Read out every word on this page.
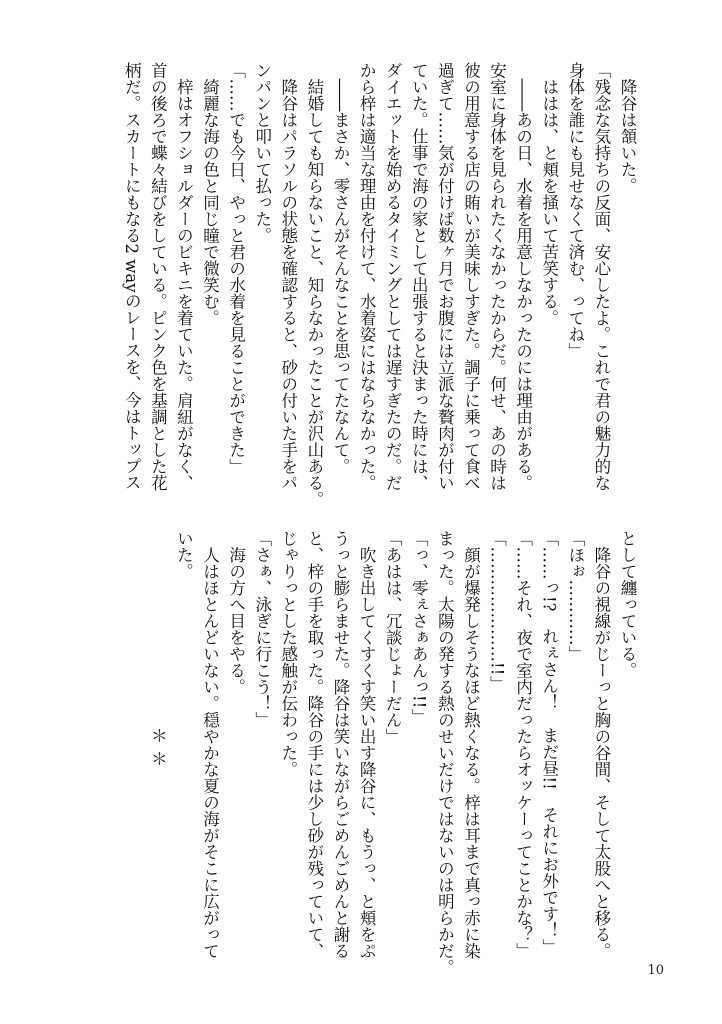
　降谷は頷いた。
「残念な気持ちの反面、安心したよ。これで君の魅力的な
身体を誰にも見せなくて済む、ってね」
　ははは、と頬を掻いて苦笑する。
　――あの日、水着を用意しなかったのには理由がある。
安室に身体を見られたくなかったからだ。何せ、あの時は
彼の用意する店の賄いが美味しすぎた。調子に乗って食べ
過ぎて……気が付けば数ヶ月でお腹には立派な贅肉が付い
ていた。仕事で海の家として出張すると決まった時には、
ダイエットを始めるタイミングとしては遅すぎたのだ。だ
から梓は適当な理由を付けて、水着姿にはならなかった。
　――まさか、零さんがそんなことを思ってたなんて。
　結婚しても知らないこと、知らなかったことが沢山ある。
　降谷はパラソルの状態を確認すると、砂の付いた手をパ
ンパンと叩いて払った。
「……でも今日、やっと君の水着を見ることができた」
　綺麗な海の色と同じ瞳で微笑む。
　梓はオフショルダーのビキニを着ていた。肩紐がなく、
首の後ろで蝶々結びをしている。ピンク色を基調とした花
柄だ。スカートにもなる2 wayのレースを、今はトップス
として纏っている。
　降谷の視線がじーっと胸の谷間、そして太股へと移る。
「ほぉ…………」
「……っ!?　れぇさん！　まだ昼!!　それにお外です！」
「……それ、夜で室内だったらオッケーってことかな？」
「…………………!!」
　顔が爆発しそうなほど熱くなる。梓は耳まで真っ赤に染
まった。太陽の発する熱のせいだけではないのは明らかだ。
「っ、零ぇさぁあんっ!!」
「あはは、冗談じょーだん」
　吹き出してくすくす笑い出す降谷に、もうっ、と頬をぷ
うっと膨らませた。降谷は笑いながらごめんごめんと謝る
と、梓の手を取った。降谷の手には少し砂が残っていて、
じゃりっとした感触が伝わった。
「さぁ、泳ぎに行こう！」
　海の方へ目をやる。
　人はほとんどいない。穏やかな夏の海がそこに広がって
いた。
＊＊
10
